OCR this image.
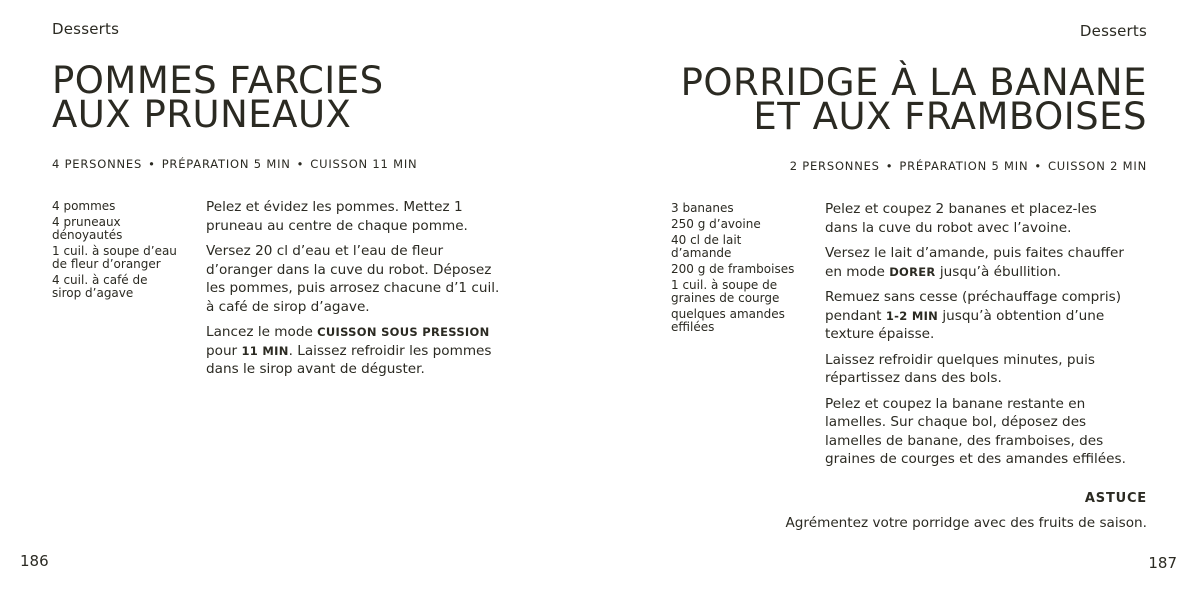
Desserts
POMMES FARCIES
AUX PRUNEAUX
4 PERSONNES • PRÉPARATION 5 MIN • CUISSON 11 MIN
4 pommes
4 pruneaux dénoyautés
1 cuil. à soupe d’eau de fleur d’oranger
4 cuil. à café de sirop d’agave

Pelez et évidez les pommes. Mettez 1 pruneau au centre de chaque pomme.

Versez 20 cl d’eau et l’eau de fleur d’oranger dans la cuve du robot. Déposez les pommes, puis arrosez chacune d’1 cuil. à café de sirop d’agave.

Lancez le mode CUISSON SOUS PRESSION pour 11 MIN. Laissez refroidir les pommes dans le sirop avant de déguster.

186
Desserts
PORRIDGE À LA BANANE
ET AUX FRAMBOISES
2 PERSONNES • PRÉPARATION 5 MIN • CUISSON 2 MIN
3 bananes
250 g d’avoine
40 cl de lait d’amande
200 g de framboises
1 cuil. à soupe de graines de courge
quelques amandes effilées

Pelez et coupez 2 bananes et placez-les dans la cuve du robot avec l’avoine.

Versez le lait d’amande, puis faites chauffer en mode DORER jusqu’à ébullition.

Remuez sans cesse (préchauffage compris) pendant 1-2 MIN jusqu’à obtention d’une texture épaisse.

Laissez refroidir quelques minutes, puis répartissez dans des bols.

Pelez et coupez la banane restante en lamelles. Sur chaque bol, déposez des lamelles de banane, des framboises, des graines de courges et des amandes effilées.

ASTUCE
Agrémentez votre porridge avec des fruits de saison.
187
